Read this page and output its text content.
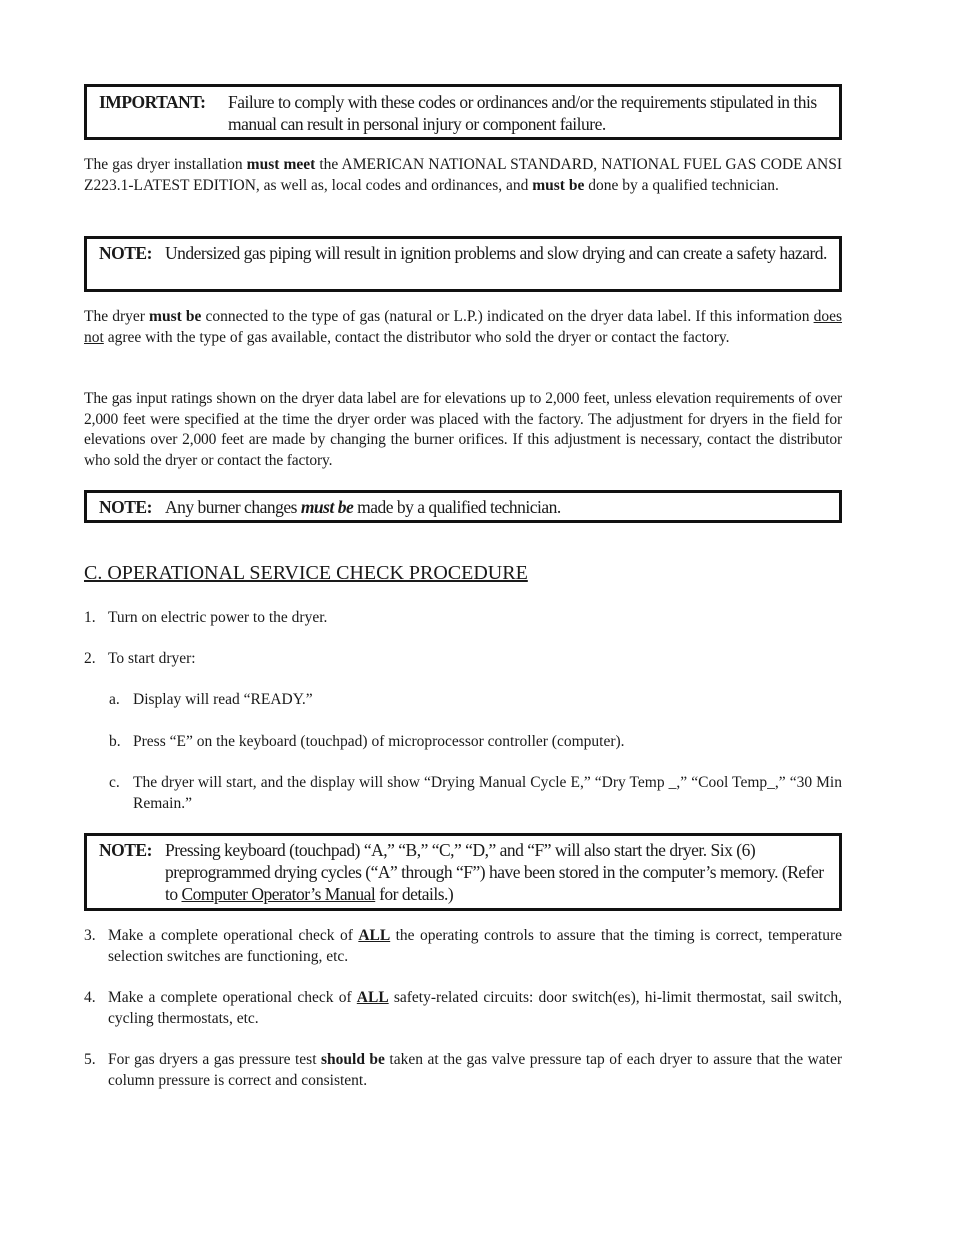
IMPORTANT: Failure to comply with these codes or ordinances and/or the requirements stipulated in this manual can result in personal injury or component failure.
The gas dryer installation must meet the AMERICAN NATIONAL STANDARD, NATIONAL FUEL GAS CODE ANSI Z223.1-LATEST EDITION, as well as, local codes and ordinances, and must be done by a qualified technician.
NOTE: Undersized gas piping will result in ignition problems and slow drying and can create a safety hazard.
The dryer must be connected to the type of gas (natural or L.P.) indicated on the dryer data label. If this information does not agree with the type of gas available, contact the distributor who sold the dryer or contact the factory.
The gas input ratings shown on the dryer data label are for elevations up to 2,000 feet, unless elevation requirements of over 2,000 feet were specified at the time the dryer order was placed with the factory. The adjustment for dryers in the field for elevations over 2,000 feet are made by changing the burner orifices. If this adjustment is necessary, contact the distributor who sold the dryer or contact the factory.
NOTE: Any burner changes must be made by a qualified technician.
C. OPERATIONAL SERVICE CHECK PROCEDURE
1. Turn on electric power to the dryer.
2. To start dryer:
a. Display will read “READY.”
b. Press “E” on the keyboard (touchpad) of microprocessor controller (computer).
c. The dryer will start, and the display will show “Drying Manual Cycle E,” “Dry Temp _,” “Cool Temp_,” “30 Min Remain.”
NOTE: Pressing keyboard (touchpad) “A,” “B,” “C,” “D,” and “F” will also start the dryer. Six (6) preprogrammed drying cycles (“A” through “F”) have been stored in the computer’s memory. (Refer to Computer Operator’s Manual for details.)
3. Make a complete operational check of ALL the operating controls to assure that the timing is correct, temperature selection switches are functioning, etc.
4. Make a complete operational check of ALL safety-related circuits: door switch(es), hi-limit thermostat, sail switch, cycling thermostats, etc.
5. For gas dryers a gas pressure test should be taken at the gas valve pressure tap of each dryer to assure that the water column pressure is correct and consistent.
